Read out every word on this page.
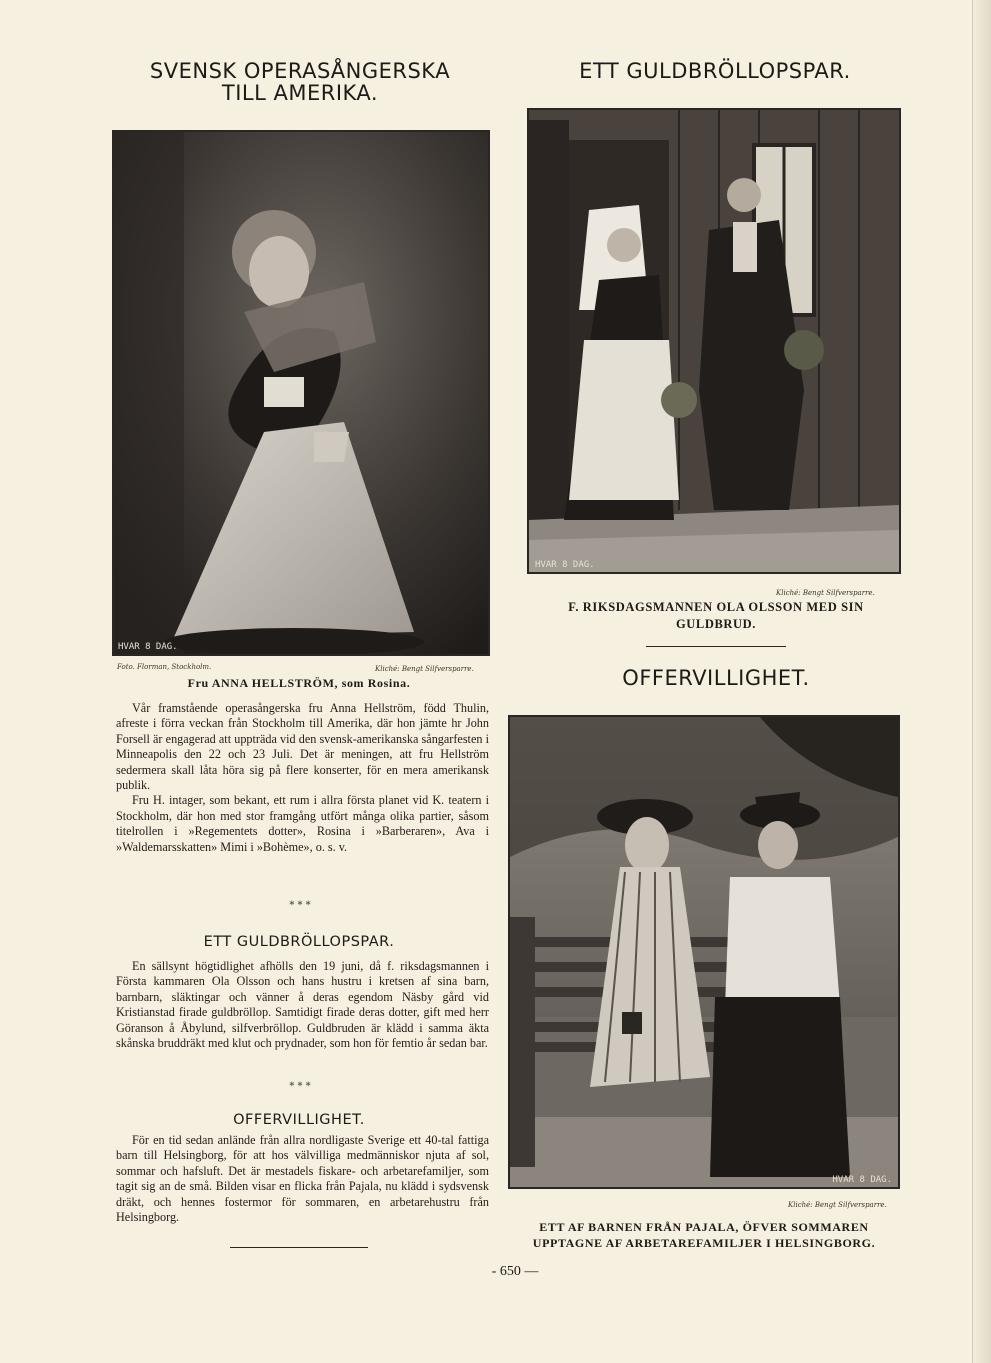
SVENSK OPERASÅNGERSKA
TILL AMERIKA.
HVAR 8 DAG.
Foto. Florman, Stockholm.	Kliché: Bengt Silfversparre.
Fru ANNA HELLSTRÖM, som Rosina.

Vår framstående operasångerska fru Anna Hellström, född Thulin, afreste i förra veckan från Stockholm till Amerika, där hon jämte hr John Forsell är engagerad att uppträda vid den svensk-amerikanska sångarfesten i Minneapolis den 22 och 23 Juli. Det är meningen, att fru Hellström sedermera skall låta höra sig på flere konserter, för en mera amerikansk publik.

Fru H. intager, som bekant, ett rum i allra första planet vid K. teatern i Stockholm, där hon med stor framgång utfört många olika partier, såsom titelrollen i »Regementets dotter», Rosina i »Barberaren», Ava i »Waldemarsskatten» Mimi i »Bohème», o. s. v.

* * *
ETT GULDBRÖLLOPSPAR.

En sällsynt högtidlighet afhölls den 19 juni, då f. riksdagsmannen i Första kammaren Ola Olsson och hans hustru i kretsen af sina barn, barnbarn, släktingar och vänner å deras egendom Näsby gård vid Kristianstad firade guldbröllop. Samtidigt firade deras dotter, gift med herr Göranson å Åbylund, silfverbröllop. Guldbruden är klädd i samma äkta skånska bruddräkt med klut och prydnader, som hon för femtio år sedan bar.

* * *
OFFERVILLIGHET.

För en tid sedan anlände från allra nordligaste Sverige ett 40-tal fattiga barn till Helsingborg, för att hos välvilliga medmänniskor njuta af sol, sommar och hafsluft. Det är mestadels fiskare- och arbetarefamiljer, som tagit sig an de små. Bilden visar en flicka från Pajala, nu klädd i sydsvensk dräkt, och hennes fostermor för sommaren, en arbetarehustru från Helsingborg.

ETT GULDBRÖLLOPSPAR.
HVAR 8 DAG.
Kliché: Bengt Silfversparre.
F. RIKSDAGSMANNEN OLA OLSSON MED SIN
GULDBRUD.
OFFERVILLIGHET.
HVAR 8 DAG.
Kliché: Bengt Silfversparre.
ETT AF BARNEN FRÅN PAJALA, ÖFVER SOMMAREN
UPPTAGNE AF ARBETAREFAMILJER I HELSINGBORG.
- 650 —
